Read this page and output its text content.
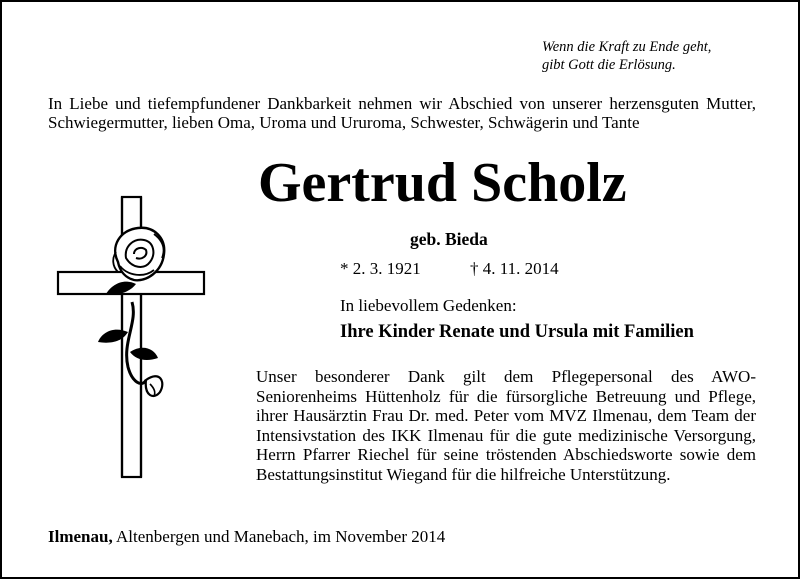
Wenn die Kraft zu Ende geht,
gibt Gott die Erlösung.
In Liebe und tiefempfundener Dankbarkeit nehmen wir Abschied von unserer herzensguten Mutter, Schwiegermutter, lieben Oma, Uroma und Ururoma, Schwester, Schwägerin und Tante
Gertrud Scholz
geb. Bieda
* 2. 3. 1921	† 4. 11. 2014
In liebevollem Gedenken:
Ihre Kinder Renate und Ursula mit Familien
Unser besonderer Dank gilt dem Pflegepersonal des AWO-Seniorenheims Hüttenholz für die fürsorgliche Betreuung und Pflege, ihrer Hausärztin Frau Dr. med. Peter vom MVZ Ilmenau, dem Team der Intensivstation des IKK Ilmenau für die gute medizinische Versorgung, Herrn Pfarrer Riechel für seine tröstenden Abschiedsworte sowie dem Bestattungsinstitut Wiegand für die hilfreiche Unterstützung.
Ilmenau, Altenbergen und Manebach, im November 2014
